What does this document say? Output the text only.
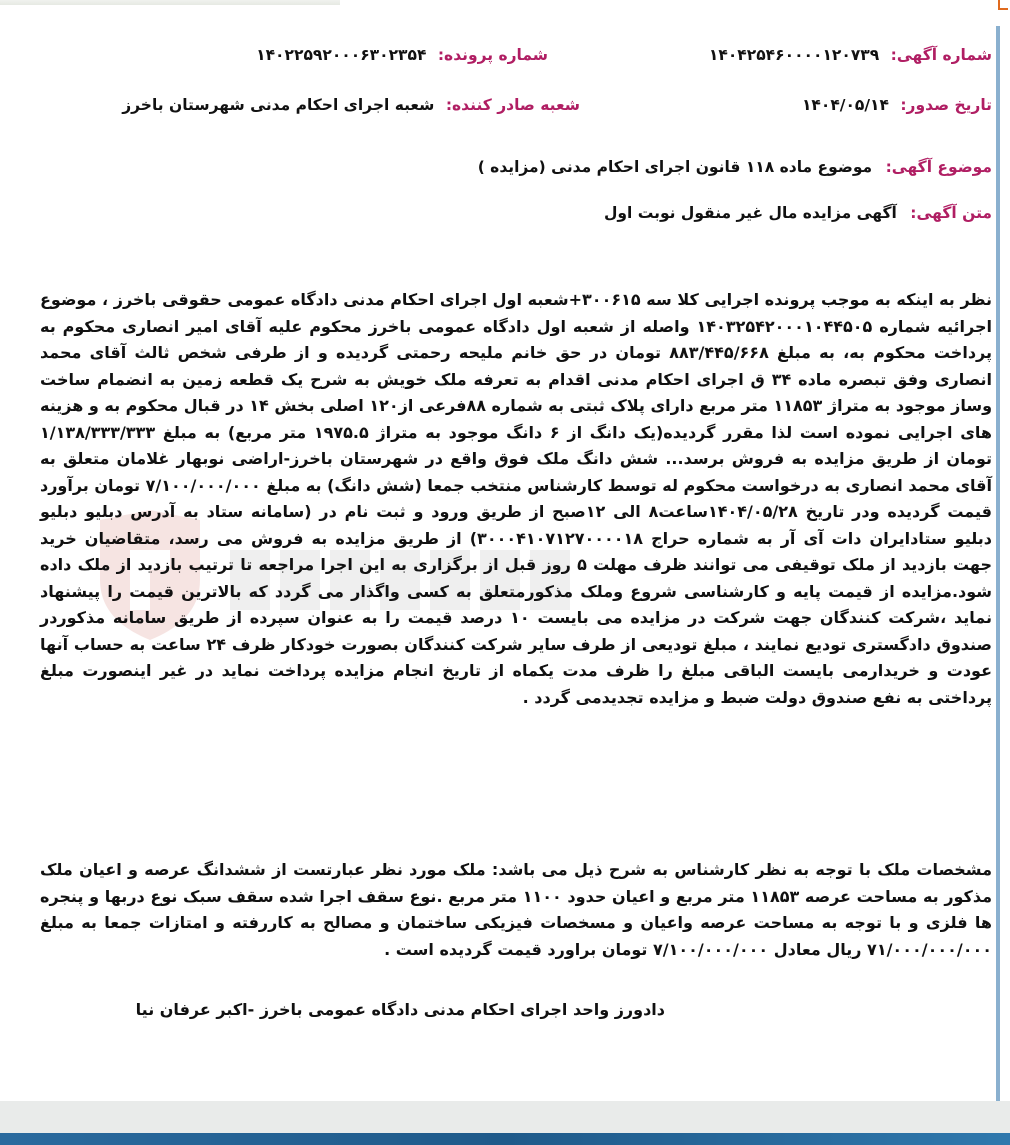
شماره آگهی: ۱۴۰۴۲۵۴۶۰۰۰۰۱۲۰۷۳۹
شماره پرونده: ۱۴۰۲۲۵۹۲۰۰۰۶۳۰۲۳۵۴
تاریخ صدور: ۱۴۰۴/۰۵/۱۴
شعبه صادر کننده: شعبه اجرای احکام مدنی شهرستان باخرز
موضوع آگهی: موضوع ماده ۱۱۸ قانون اجرای احکام مدنی (مزایده )
متن آگهی: آگهی مزایده مال غیر منقول نوبت اول

نظر به اینکه به موجب پرونده اجرایی کلا سه ۳۰۰۶۱۵+شعبه اول اجرای احکام مدنی دادگاه عمومی حقوقی باخرز ، موضوع اجرائیه شماره ۱۴۰۳۲۵۴۲۰۰۰۱۰۴۴۵۰۵ واصله از شعبه اول دادگاه عمومی باخرز محکوم علیه آقای امیر انصاری محکوم به پرداخت محکوم به، به مبلغ ۸۸۳/۴۴۵/۶۶۸ تومان در حق خانم ملیحه رحمتی گردیده و از طرفی شخص ثالث آقای محمد انصاری وفق تبصره ماده ۳۴ ق اجرای احکام مدنی اقدام به تعرفه ملک خویش به شرح یک قطعه زمین به انضمام ساخت وساز موجود به متراژ ۱۱۸۵۳ متر مربع دارای پلاک ثبتی به شماره ۸۸فرعی از۱۲۰ اصلی بخش ۱۴ در قبال محکوم به و هزینه های اجرایی نموده است لذا مقرر گردیده(یک دانگ از ۶ دانگ موجود به متراژ ۱۹۷۵.۵ متر مربع) به مبلغ ۱/۱۳۸/۳۳۳/۳۳۳ تومان از طریق مزایده به فروش برسد... شش دانگ ملک فوق واقع در شهرستان باخرز-اراضی نوبهار غلامان متعلق به آقای محمد انصاری به درخواست محکوم له توسط کارشناس منتخب جمعا (شش دانگ) به مبلغ ۷/۱۰۰/۰۰۰/۰۰۰ تومان برآورد قیمت گردیده ودر تاریخ ۱۴۰۴/۰۵/۲۸ساعت۸ الی ۱۲صبح از طریق ورود و ثبت نام در (سامانه ستاد به آدرس دبلیو دبلیو دبلیو ستادایران دات آی آر به شماره حراج ۳۰۰۰۴۱۰۷۱۲۷۰۰۰۰۱۸) از طریق مزایده به فروش می رسد، متقاضیان خرید جهت بازدید از ملک توقیفی می توانند ظرف مهلت ۵ روز قبل از برگزاری به این اجرا مراجعه تا ترتیب بازدید از ملک داده شود.مزایده از قیمت پایه و کارشناسی شروع وملک مذکورمتعلق به کسی واگذار می گردد که بالاترین قیمت را پیشنهاد نماید ،شرکت کنندگان جهت شرکت در مزایده می بایست ۱۰ درصد قیمت را به عنوان سپرده از طریق سامانه مذکوردر صندوق دادگستری تودیع نمایند ، مبلغ تودیعی از طرف سایر شرکت کنندگان بصورت خودکار ظرف ۲۴ ساعت به حساب آنها عودت و خریدارمی بایست الباقی مبلغ را ظرف مدت یکماه از تاریخ انجام مزایده پرداخت نماید در غیر اینصورت مبلغ پرداختی به نفع صندوق دولت ضبط و مزایده تجدیدمی گردد .

مشخصات ملک با توجه به نظر کارشناس به شرح ذیل می باشد: ملک مورد نظر عبارتست از ششدانگ عرصه و اعیان ملک مذکور به مساحت عرصه ۱۱۸۵۳ متر مربع و اعیان حدود ۱۱۰۰ متر مربع .نوع سقف اجرا شده سقف سبک نوع دربها و پنجره ها فلزی و با توجه به مساحت عرصه واعیان و مسخصات فیزیکی ساختمان و مصالح به کاررفته و امتازات جمعا به مبلغ ۷۱/۰۰۰/۰۰۰/۰۰۰ ریال معادل ۷/۱۰۰/۰۰۰/۰۰۰ تومان براورد قیمت گردیده است .

دادورز واحد اجرای احکام مدنی دادگاه عمومی باخرز -اکبر عرفان نیا
